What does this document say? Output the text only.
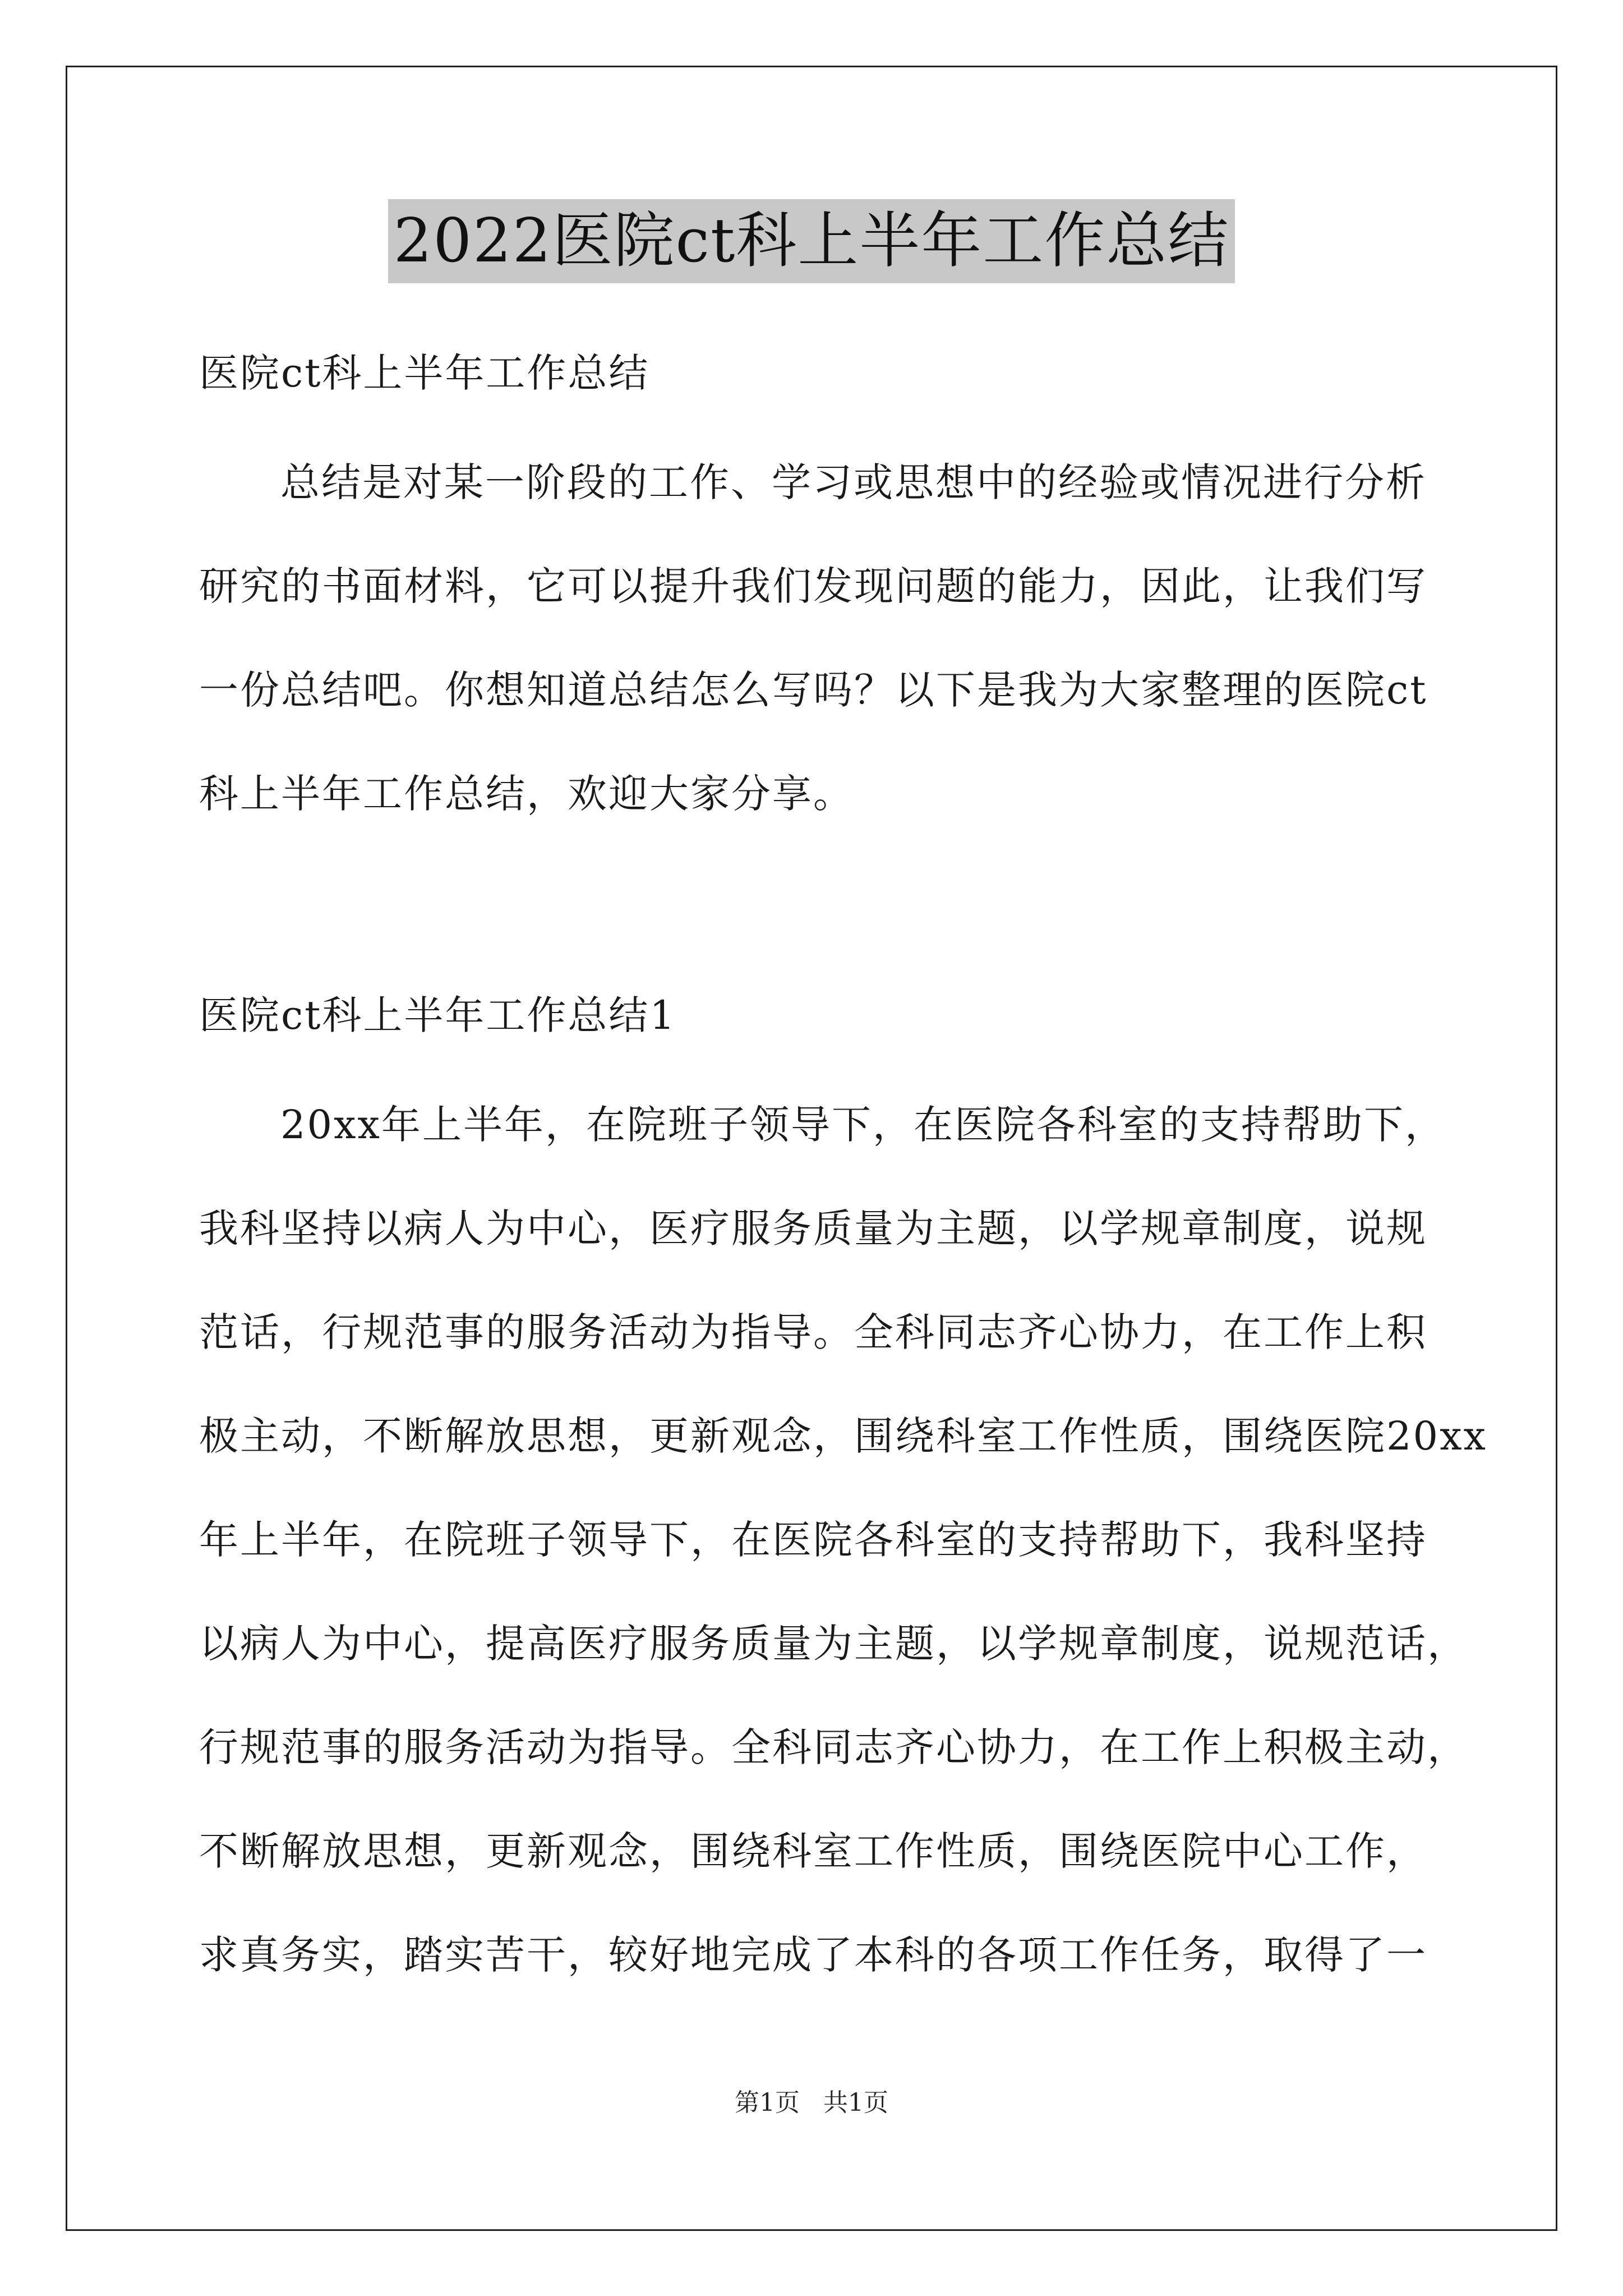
2022医院ct科上半年工作总结
医院ct科上半年工作总结
总结是对某一阶段的工作、学习或思想中的经验或情况进行分析
研究的书面材料，它可以提升我们发现问题的能力，因此，让我们写
一份总结吧。你想知道总结怎么写吗？以下是我为大家整理的医院ct
科上半年工作总结，欢迎大家分享。
医院ct科上半年工作总结1
20xx年上半年，在院班子领导下，在医院各科室的支持帮助下，
我科坚持以病人为中心，医疗服务质量为主题，以学规章制度，说规
范话，行规范事的服务活动为指导。全科同志齐心协力，在工作上积
极主动，不断解放思想，更新观念，围绕科室工作性质，围绕医院20xx
年上半年，在院班子领导下，在医院各科室的支持帮助下，我科坚持
以病人为中心，提高医疗服务质量为主题，以学规章制度，说规范话，
行规范事的服务活动为指导。全科同志齐心协力，在工作上积极主动，
不断解放思想，更新观念，围绕科室工作性质，围绕医院中心工作，
求真务实，踏实苦干，较好地完成了本科的各项工作任务，取得了一
第1页   共1页
